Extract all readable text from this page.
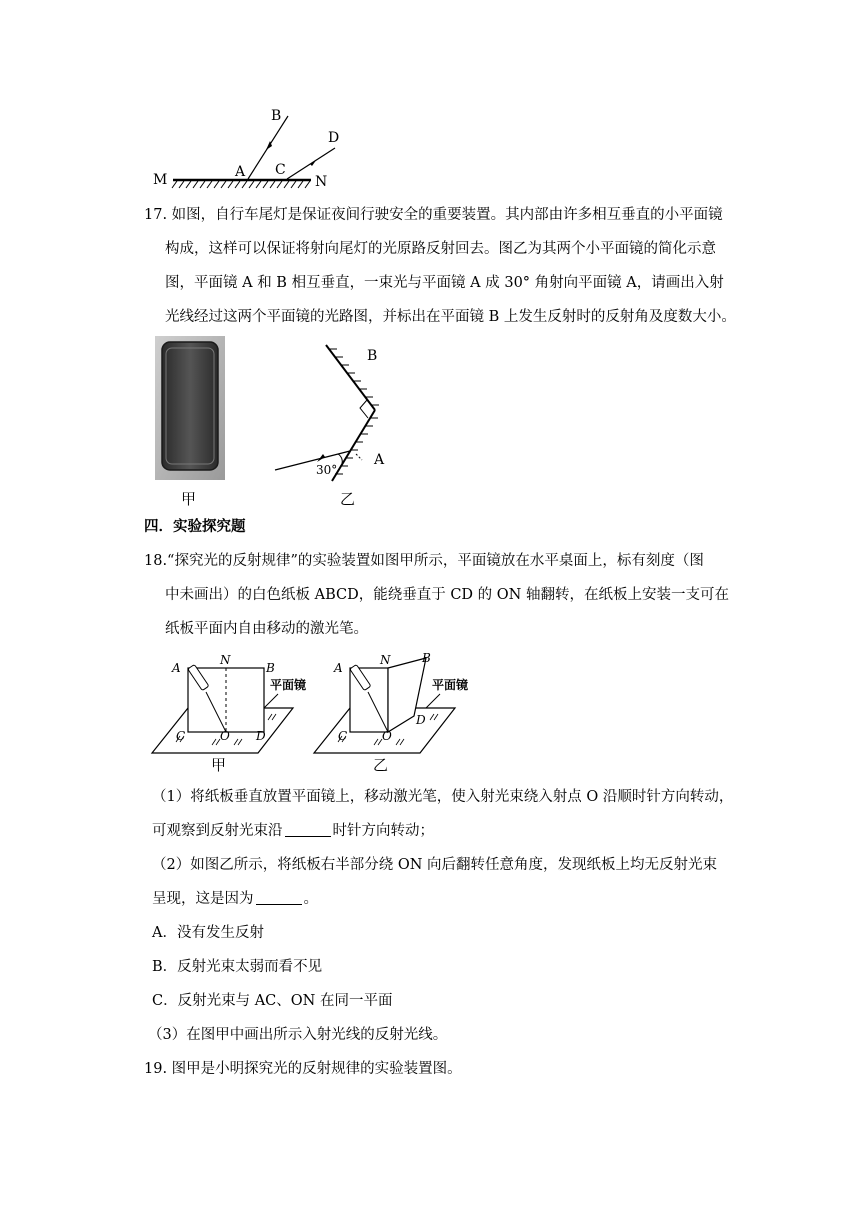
B
D
M	A C
N
17. 如图，自行车尾灯是保证夜间行驶安全的重要装置。其内部由许多相互垂直的小平面镜
构成，这样可以保证将射向尾灯的光原路反射回去。图乙为其两个小平面镜的简化示意
图，平面镜 A 和 B 相互垂直，一束光与平面镜 A 成 30° 角射向平面镜 A，请画出入射
光线经过这两个平面镜的光路图，并标出在平面镜 B 上发生反射时的反射角及度数大小。
甲
B
A
30°
乙
四．实验探究题
18.“探究光的反射规律”的实验装置如图甲所示，平面镜放在水平桌面上，标有刻度（图
中未画出）的白色纸板 ABCD，能绕垂直于 CD 的 ON 轴翻转，在纸板上安装一支可在
纸板平面内自由移动的激光笔。
A
N
B
C	O D
平面镜
甲
A
N	B
C	O
D
平面镜
乙
（1）将纸板垂直放置平面镜上，移动激光笔，使入射光束绕入射点 O 沿顺时针方向转动，
可观察到反射光束沿	时针方向转动；
（2）如图乙所示，将纸板右半部分绕 ON 向后翻转任意角度，发现纸板上均无反射光束
呈现，这是因为	。
A．没有发生反射
B．反射光束太弱而看不见
C．反射光束与 AC、ON 在同一平面
（3）在图甲中画出所示入射光线的反射光线。
19. 图甲是小明探究光的反射规律的实验装置图。
